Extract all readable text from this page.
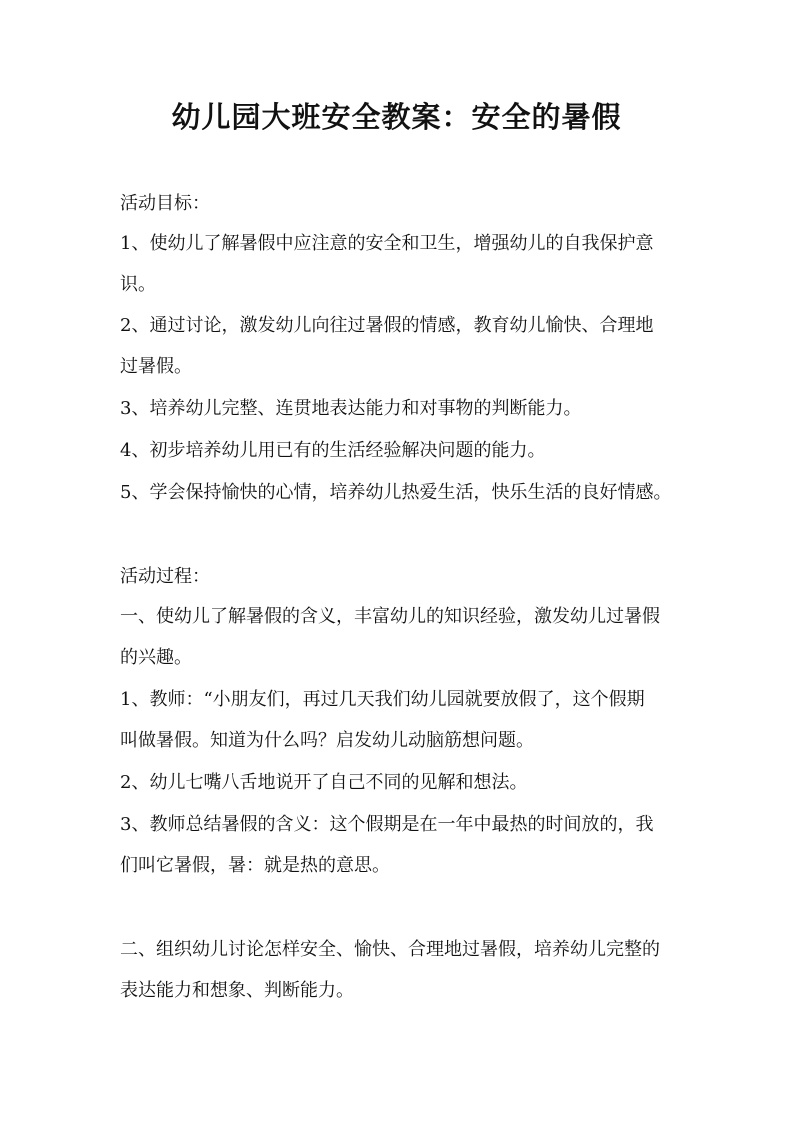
幼儿园大班安全教案：安全的暑假
活动目标：
1、使幼儿了解暑假中应注意的安全和卫生，增强幼儿的自我保护意
识。
2、通过讨论，激发幼儿向往过暑假的情感，教育幼儿愉快、合理地
过暑假。
3、培养幼儿完整、连贯地表达能力和对事物的判断能力。
4、初步培养幼儿用已有的生活经验解决问题的能力。
5、学会保持愉快的心情，培养幼儿热爱生活，快乐生活的良好情感。
活动过程：
一、使幼儿了解暑假的含义，丰富幼儿的知识经验，激发幼儿过暑假
的兴趣。
1、教师：“小朋友们，再过几天我们幼儿园就要放假了，这个假期
叫做暑假。知道为什么吗？启发幼儿动脑筋想问题。
2、幼儿七嘴八舌地说开了自己不同的见解和想法。
3、教师总结暑假的含义：这个假期是在一年中最热的时间放的，我
们叫它暑假，暑：就是热的意思。
二、组织幼儿讨论怎样安全、愉快、合理地过暑假，培养幼儿完整的
表达能力和想象、判断能力。
